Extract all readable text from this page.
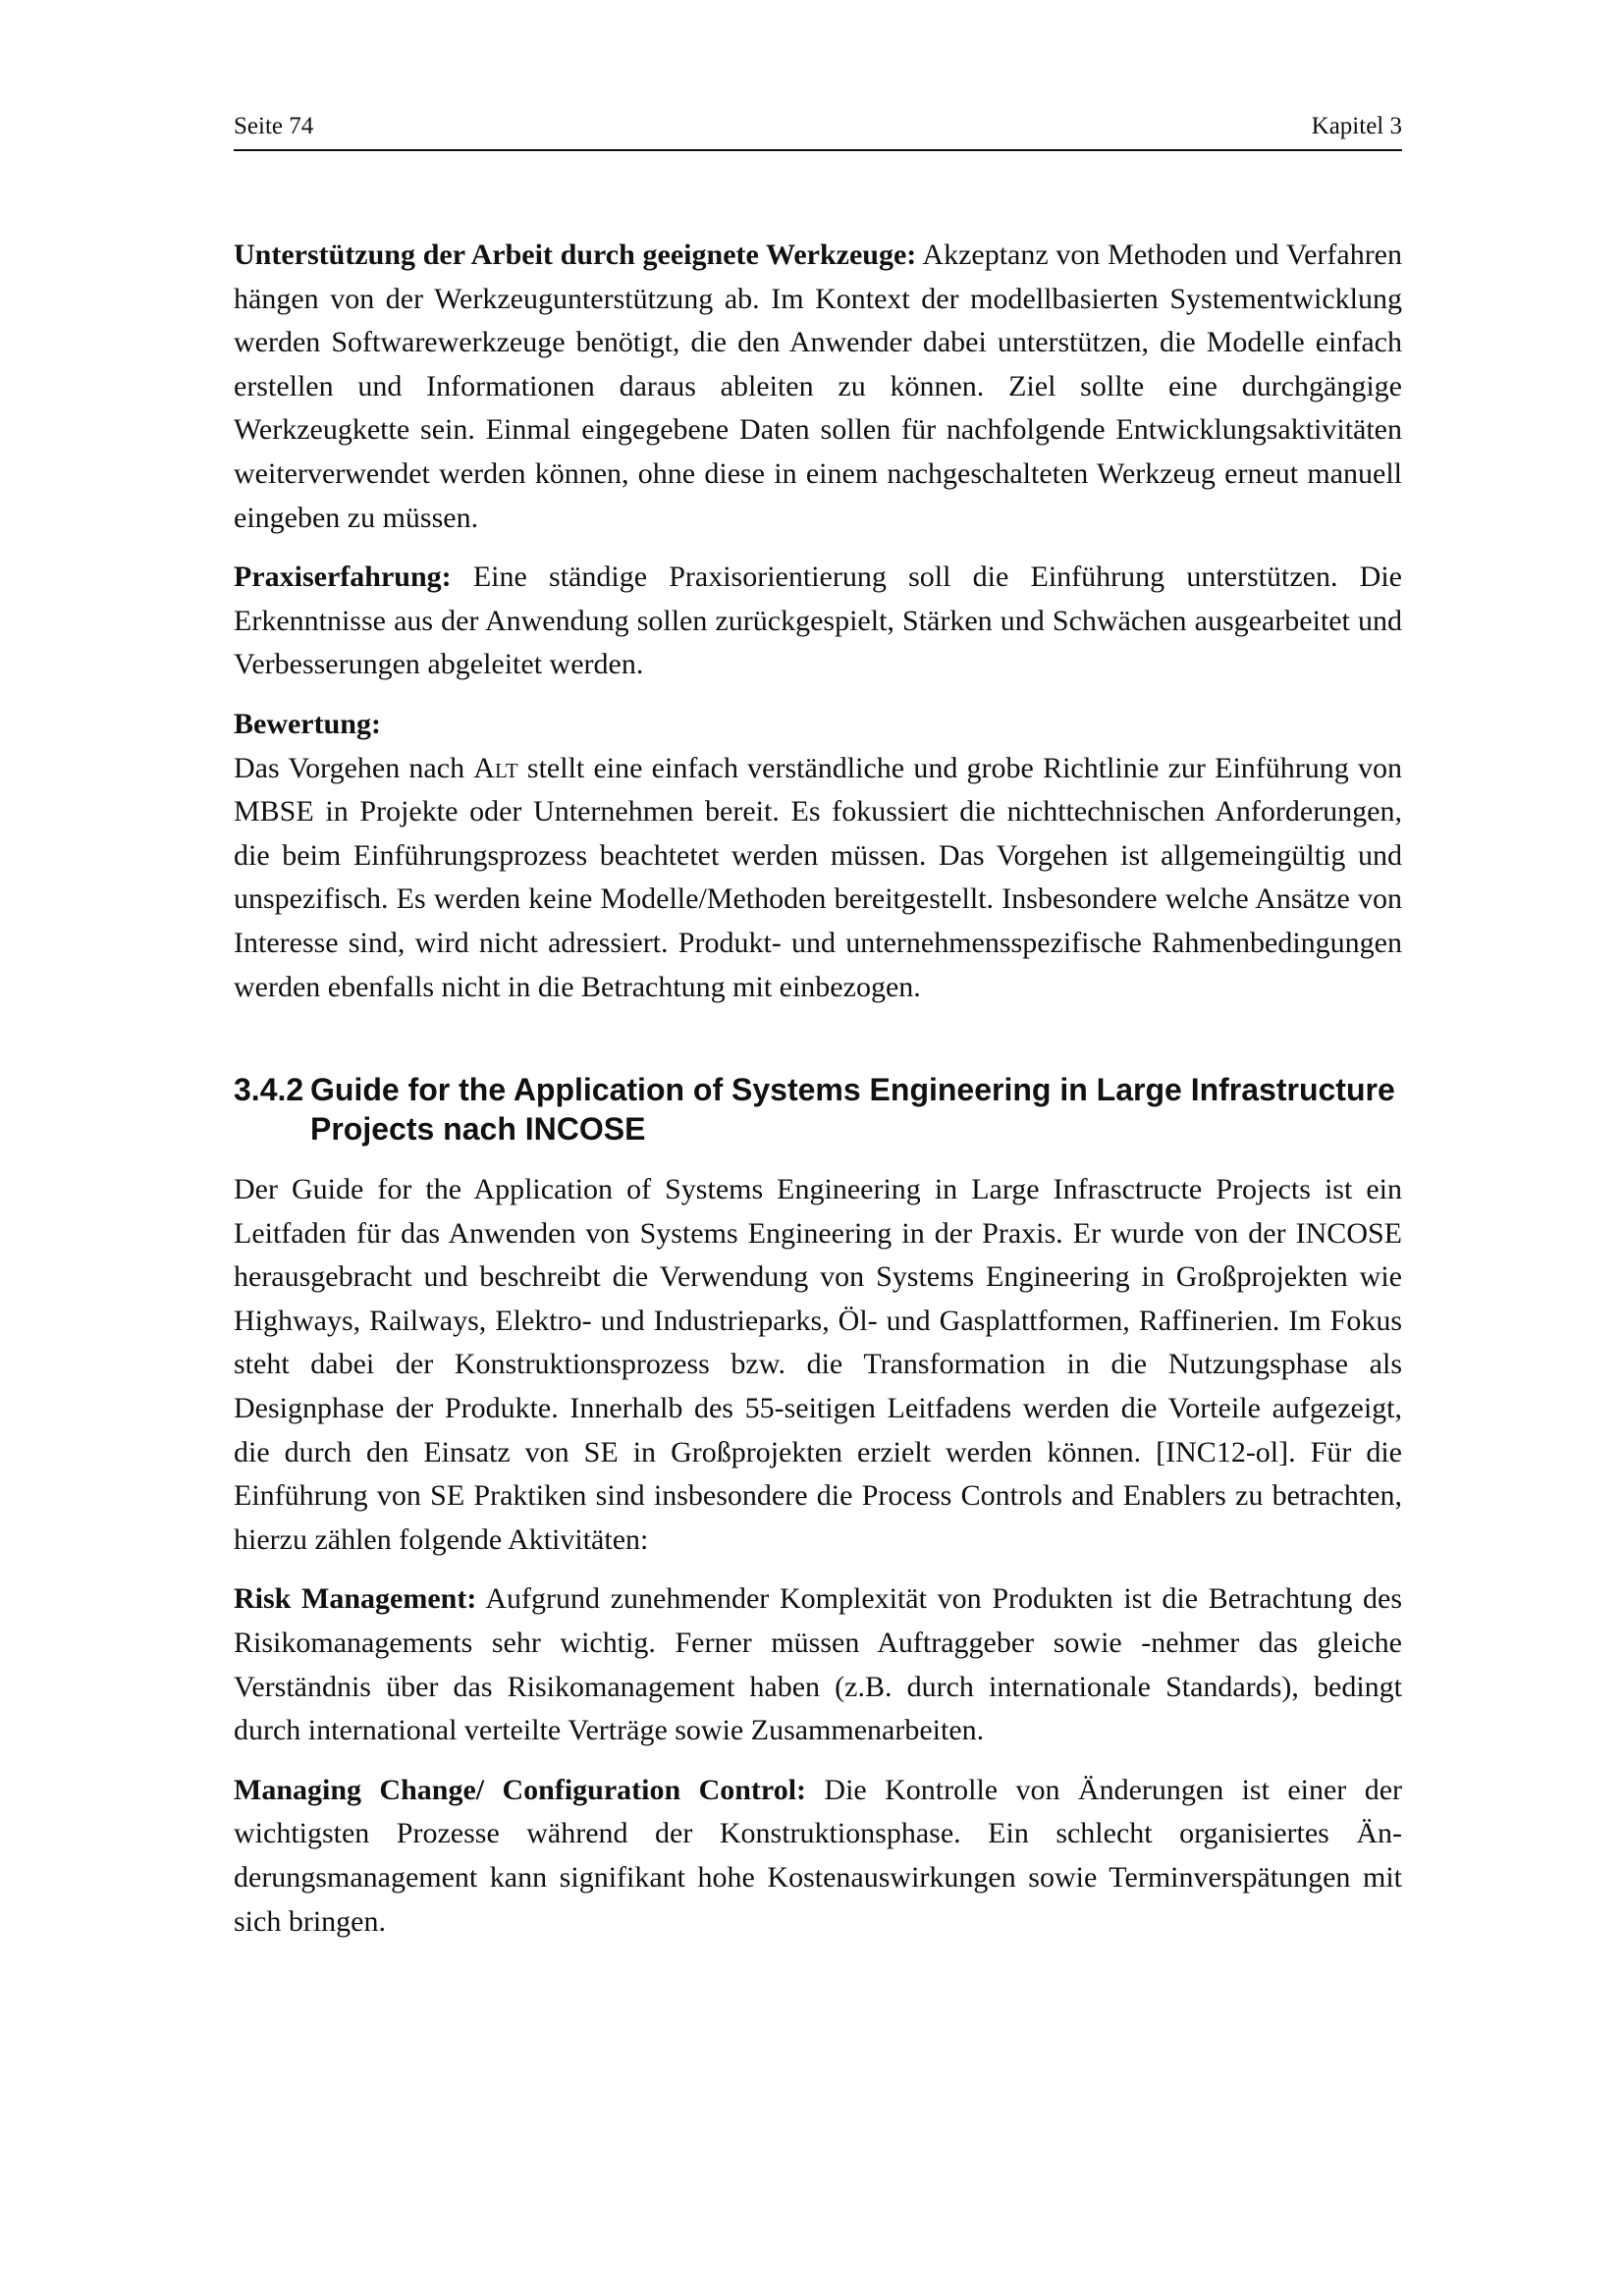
Seite 74	Kapitel 3

Unterstützung der Arbeit durch geeignete Werkzeuge: Akzeptanz von Methoden und Verfahren hängen von der Werkzeugunterstützung ab. Im Kontext der modellbasierten Systementwicklung werden Softwarewerkzeuge benötigt, die den Anwender dabei unterstützen, die Modelle einfach erstellen und Informationen daraus ableiten zu können. Ziel sollte eine durchgängige Werkzeugkette sein. Einmal eingegebene Daten sollen für nachfolgende Entwicklungsaktivitäten weiterverwendet werden können, ohne diese in einem nachgeschalteten Werkzeug erneut manuell eingeben zu müssen.

Praxiserfahrung: Eine ständige Praxisorientierung soll die Einführung unterstützen. Die Erkenntnisse aus der Anwendung sollen zurückgespielt, Stärken und Schwächen ausgearbeitet und Verbesserungen abgeleitet werden.

Bewertung:

Das Vorgehen nach Alt stellt eine einfach verständliche und grobe Richtlinie zur Einführung von MBSE in Projekte oder Unternehmen bereit. Es fokussiert die nichttechnischen Anforderungen, die beim Einführungsprozess beachtetet werden müssen. Das Vorgehen ist allgemeingültig und unspezifisch. Es werden keine Modelle/Methoden bereitgestellt. Insbesondere welche Ansätze von Interesse sind, wird nicht adressiert. Produkt- und unternehmensspezifische Rahmenbedingungen werden ebenfalls nicht in die Betrachtung mit einbezogen.

3.4.2 Guide for the Application of Systems Engineering in Large Infrastructure Projects nach INCOSE

Der Guide for the Application of Systems Engineering in Large Infrasctructe Projects ist ein Leitfaden für das Anwenden von Systems Engineering in der Praxis. Er wurde von der INCOSE herausgebracht und beschreibt die Verwendung von Systems Engineering in Großprojekten wie Highways, Railways, Elektro- und Industrieparks, Öl- und Gasplattformen, Raffinerien. Im Fokus steht dabei der Konstruktionsprozess bzw. die Transformation in die Nutzungsphase als Designphase der Produkte. Innerhalb des 55-seitigen Leitfadens werden die Vorteile aufgezeigt, die durch den Einsatz von SE in Großprojekten erzielt werden können. [INC12-ol]. Für die Einführung von SE Praktiken sind insbesondere die Process Controls and Enablers zu betrachten, hierzu zählen folgende Aktivitäten:

Risk Management: Aufgrund zunehmender Komplexität von Produkten ist die Betrachtung des Risikomanagements sehr wichtig. Ferner müssen Auftraggeber sowie -nehmer das gleiche Verständnis über das Risikomanagement haben (z.B. durch internationale Standards), bedingt durch international verteilte Verträge sowie Zusammenarbeiten.

Managing Change/ Configuration Control: Die Kontrolle von Änderungen ist einer der wichtigsten Prozesse während der Konstruktionsphase. Ein schlecht organisiertes Änderungsmanagement kann signifikant hohe Kostenauswirkungen sowie Terminverspätungen mit sich bringen.
